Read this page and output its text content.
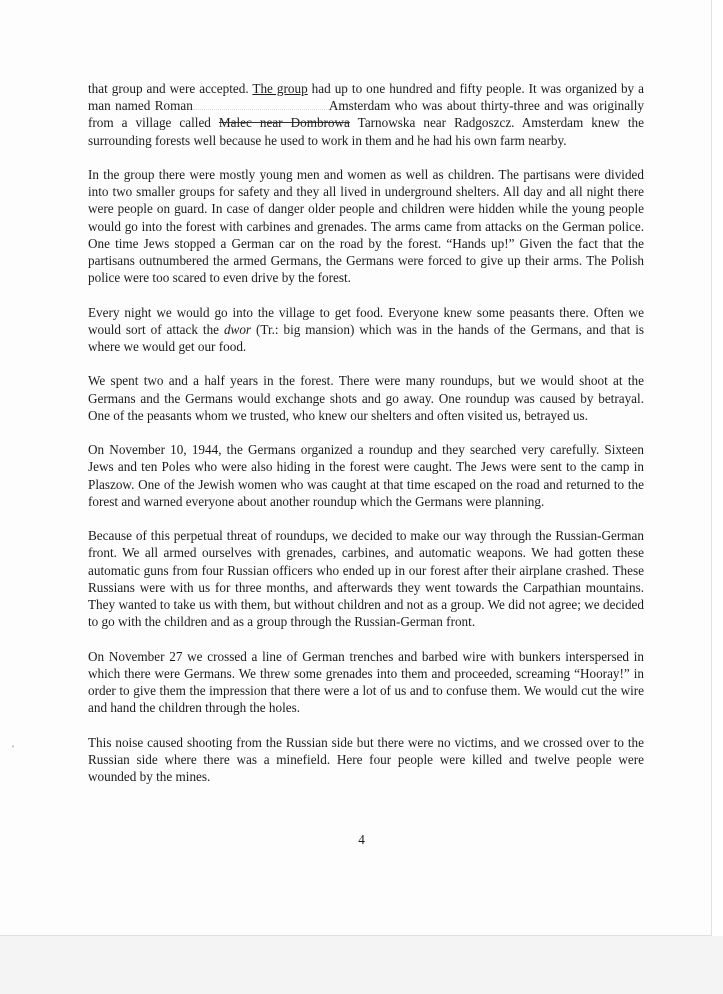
that group and were accepted. The group had up to one hundred and fifty people. It was organized by a man named Roman	Amsterdam who was about thirty-three and was originally from a village called Malec near Dombrowa Tarnowska near Radgoszcz. Amsterdam knew the surrounding forests well because he used to work in them and he had his own farm nearby.

In the group there were mostly young men and women as well as children. The partisans were divided into two smaller groups for safety and they all lived in underground shelters. All day and all night there were people on guard. In case of danger older people and children were hidden while the young people would go into the forest with carbines and grenades. The arms came from attacks on the German police. One time Jews stopped a German car on the road by the forest. “Hands up!” Given the fact that the partisans outnumbered the armed Germans, the Germans were forced to give up their arms. The Polish police were too scared to even drive by the forest.

Every night we would go into the village to get food. Everyone knew some peasants there. Often we would sort of attack the dwor (Tr.: big mansion) which was in the hands of the Germans, and that is where we would get our food.

We spent two and a half years in the forest. There were many roundups, but we would shoot at the Germans and the Germans would exchange shots and go away. One roundup was caused by betrayal. One of the peasants whom we trusted, who knew our shelters and often visited us, betrayed us.

On November 10, 1944, the Germans organized a roundup and they searched very carefully. Sixteen Jews and ten Poles who were also hiding in the forest were caught. The Jews were sent to the camp in Plaszow. One of the Jewish women who was caught at that time escaped on the road and returned to the forest and warned everyone about another roundup which the Germans were planning.

Because of this perpetual threat of roundups, we decided to make our way through the Russian-German front. We all armed ourselves with grenades, carbines, and automatic weapons. We had gotten these automatic guns from four Russian officers who ended up in our forest after their airplane crashed. These Russians were with us for three months, and afterwards they went towards the Carpathian mountains. They wanted to take us with them, but without children and not as a group. We did not agree; we decided to go with the children and as a group through the Russian-German front.

On November 27 we crossed a line of German trenches and barbed wire with bunkers interspersed in which there were Germans. We threw some grenades into them and proceeded, screaming “Hooray!” in order to give them the impression that there were a lot of us and to confuse them. We would cut the wire and hand the children through the holes.

This noise caused shooting from the Russian side but there were no victims, and we crossed over to the Russian side where there was a minefield. Here four people were killed and twelve people were wounded by the mines.

4
